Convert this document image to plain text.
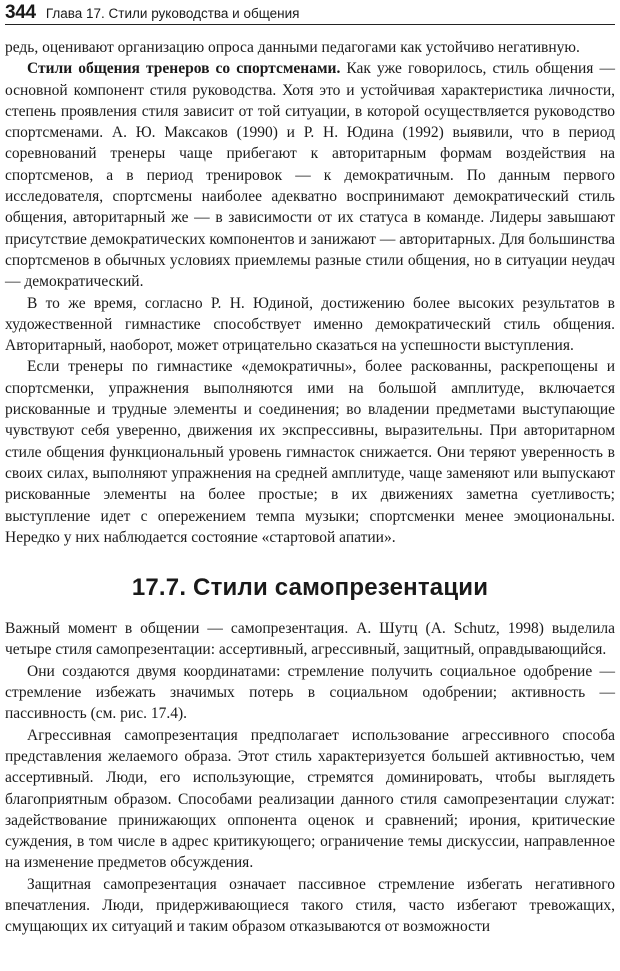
344 Глава 17. Стили руководства и общения

редь, оценивают организацию опроса данными педагогами как устойчиво негативную.

Стили общения тренеров со спортсменами. Как уже говорилось, стиль общения — основной компонент стиля руководства. Хотя это и устойчивая характеристика личности, степень проявления стиля зависит от той ситуации, в которой осуществляется руководство спортсменами. А. Ю. Максаков (1990) и Р. Н. Юдина (1992) выявили, что в период соревнований тренеры чаще прибегают к авторитарным формам воздействия на спортсменов, а в период тренировок — к демократичным. По данным первого исследователя, спортсмены наиболее адекватно воспринимают демократический стиль общения, авторитарный же — в зависимости от их статуса в команде. Лидеры завышают присутствие демократических компонентов и занижают — авторитарных. Для большинства спортсменов в обычных условиях приемлемы разные стили общения, но в ситуации неудач — демократический.

В то же время, согласно Р. Н. Юдиной, достижению более высоких результатов в художественной гимнастике способствует именно демократический стиль общения. Авторитарный, наоборот, может отрицательно сказаться на успешности выступления.

Если тренеры по гимнастике «демократичны», более раскованны, раскрепощены и спортсменки, упражнения выполняются ими на большой амплитуде, включается рискованные и трудные элементы и соединения; во владении предметами выступающие чувствуют себя уверенно, движения их экспрессивны, выразительны. При авторитарном стиле общения функциональный уровень гимнасток снижается. Они теряют уверенность в своих силах, выполняют упражнения на средней амплитуде, чаще заменяют или выпускают рискованные элементы на более простые; в их движениях заметна суетливость; выступление идет с опережением темпа музыки; спортсменки менее эмоциональны. Нередко у них наблюдается состояние «стартовой апатии».

17.7. Стили самопрезентации

Важный момент в общении — самопрезентация. А. Шутц (A. Schutz, 1998) выделила четыре стиля самопрезентации: ассертивный, агрессивный, защитный, оправдывающийся.

Они создаются двумя координатами: стремление получить социальное одобрение — стремление избежать значимых потерь в социальном одобрении; активность — пассивность (см. рис. 17.4).

Агрессивная самопрезентация предполагает использование агрессивного способа представления желаемого образа. Этот стиль характеризуется большей активностью, чем ассертивный. Люди, его использующие, стремятся доминировать, чтобы выглядеть благоприятным образом. Способами реализации данного стиля самопрезентации служат: задействование принижающих оппонента оценок и сравнений; ирония, критические суждения, в том числе в адрес критикующего; ограничение темы дискуссии, направленное на изменение предметов обсуждения.

Защитная самопрезентация означает пассивное стремление избегать негативного впечатления. Люди, придерживающиеся такого стиля, часто избегают тревожащих, смущающих их ситуаций и таким образом отказываются от возможности
